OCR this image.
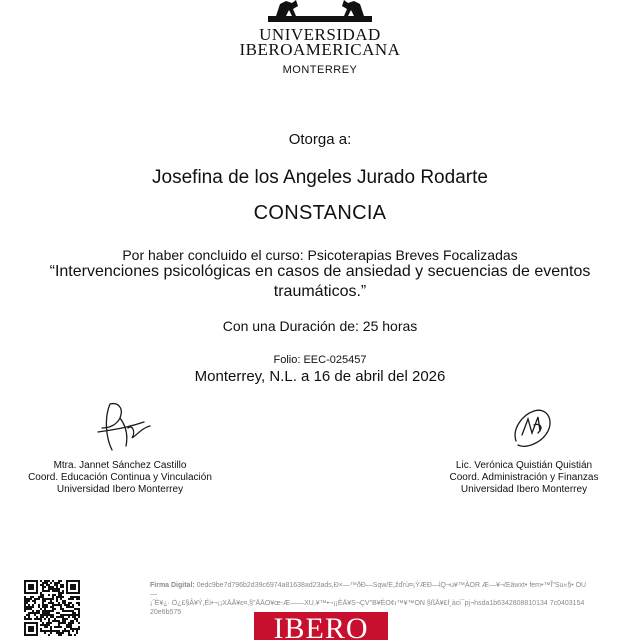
UNIVERSIDAD
IBEROAMERICANA
MONTERREY
Otorga a:
Josefina de los Angeles Jurado Rodarte
CONSTANCIA
Por haber concluido el curso: Psicoterapias Breves Focalizadas
“Intervenciones psicológicas en casos de ansiedad y secuencias de eventos traumáticos.”
Con una Duración de: 25 horas
Folio: EEC-025457
Monterrey, N.L. a 16 de abril del 2026
Mtra. Jannet Sánchez Castillo
Coord. Educación Continua y Vinculación
Universidad Ibero Monterrey
Lic. Verónica Quistián Quistián
Coord. Administración y Finanzas
Universidad Ibero Monterrey
Firma Digital: 0edc9be7d796b2d39c6974a81638ad23ads,Ð×—™ðÐ—Sqw/E,žďrù¤¡ÝÆÐ—lQ¬u¥™ÀOR Æ—¥¬/Eäwxt• fem•™Ĩ"Su«§• OU—
¡˝È¥¿· Ó¿£§Â¥Ý,Éì•¬¡¡XÄÅ¥ε¤,§"ÄÄO¥œ-Æ——XU,¥™•¬¡¡ÈÄ¥S¬ÇV"B¥ÈO¢ı™¥™ON §ßÅ¥£f˛àci¯pj¬hsda1b6342808810134 7c0403154 20e6b575	IBERO
